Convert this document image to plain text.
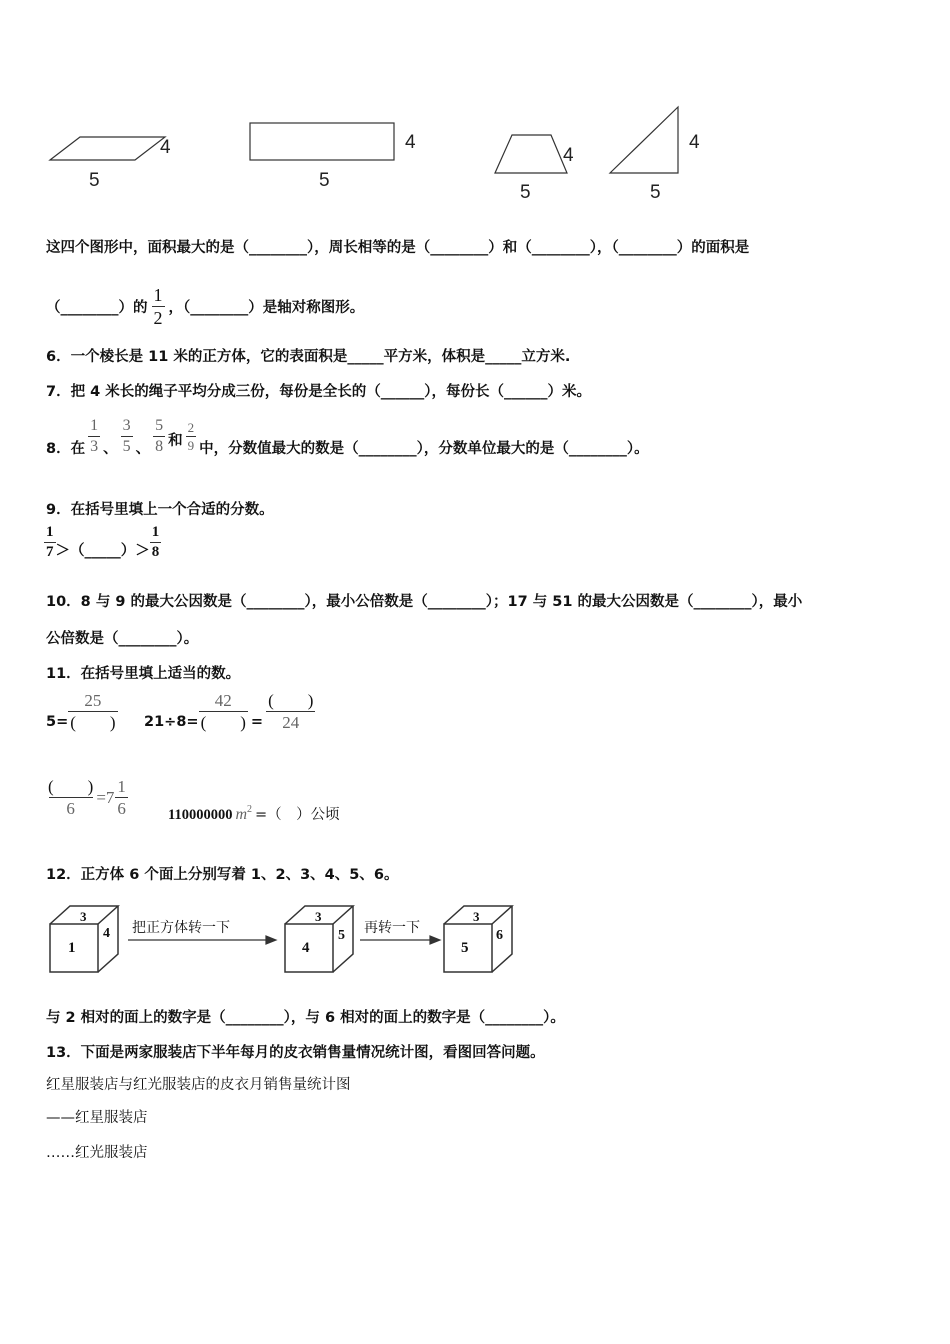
4
5
4
5
4
5
4
5
这四个图形中，面积最大的是（________），周长相等的是（________）和（________），（________）的面积是
（________）的 $\frac{1}{2}$ ，（________）是轴对称图形。
6．一个棱长是 11 米的正方体，它的表面积是_____平方米，体积是_____立方米.
7．把 4 米长的绳子平均分成三份，每份是全长的（______），每份长（______）米。
8．在 $\frac{1}{3}$ 、 $\frac{3}{5}$ 、 $\frac{5}{8}$ 和 $\frac{2}{9}$ 中，分数值最大的数是（________），分数单位最大的是（________）。
9．在括号里填上一个合适的分数。
$\frac{1}{7}$ ＞（_____）＞ $\frac{1}{8}$
10．8 与 9 的最大公因数是（________），最小公倍数是（________）；17 与 51 的最大公因数是（________），最小
公倍数是（________）。
11．在括号里填上适当的数。
$5= \frac{25}{( )} 21\div 8= \frac{42}{( )} = \frac{( )}{24}$
$\frac{( )}{6} =7 \frac{1}{6}$	110000000 m 2 =（　）公顷
12．正方体 6 个面上分别写着 1、2、3、4、5、6。
3
1
4 把正方体转一下
3
4
5 再转一下
3
5
6
与 2 相对的面上的数字是（________），与 6 相对的面上的数字是（________）。
13．下面是两家服装店下半年每月的皮衣销售量情况统计图，看图回答问题。
红星服装店与红光服装店的皮衣月销售量统计图
——红星服装店
……红光服装店
